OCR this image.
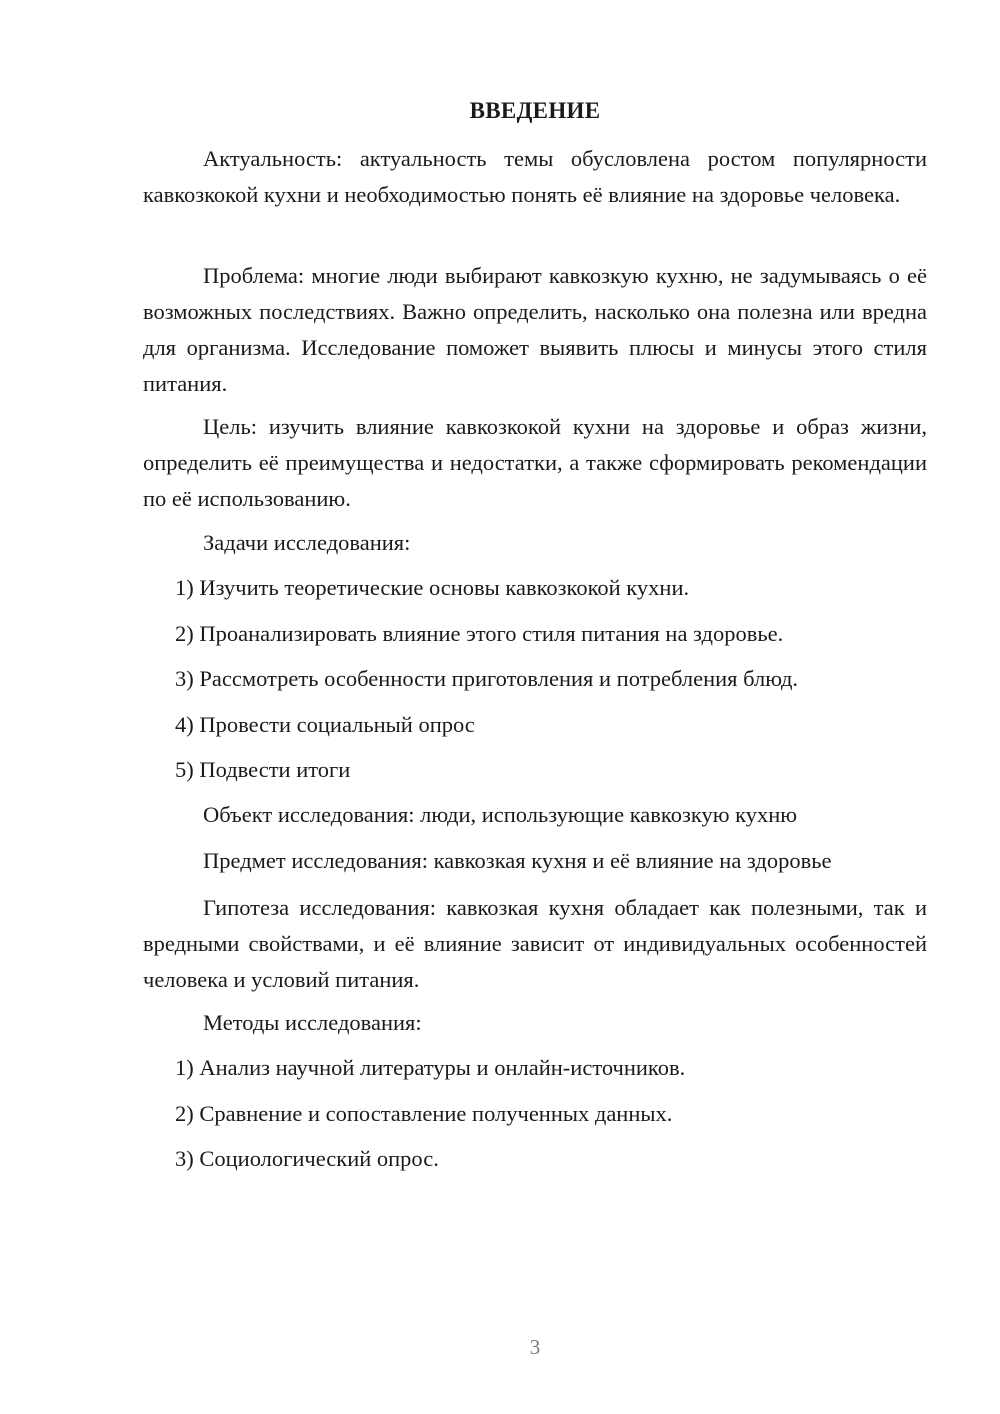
ВВЕДЕНИЕ

Актуальность: актуальность темы обусловлена ростом популярности кавкозкокой кухни и необходимостью понять её влияние на здоровье человека.

Проблема: многие люди выбирают кавкозкую кухню, не задумываясь о её возможных последствиях. Важно определить, насколько она полезна или вредна для организма. Исследование поможет выявить плюсы и минусы этого стиля питания.

Цель: изучить влияние кавкозкокой кухни на здоровье и образ жизни, определить её преимущества и недостатки, а также сформировать рекомендации по её использованию.

Задачи исследования:

1) Изучить теоретические основы кавкозкокой кухни.

2) Проанализировать влияние этого стиля питания на здоровье.

3) Рассмотреть особенности приготовления и потребления блюд.

4) Провести социальный опрос

5) Подвести итоги

Объект исследования: люди, использующие кавкозкую кухню

Предмет исследования: кавкозкая кухня и её влияние на здоровье

Гипотеза исследования: кавкозкая кухня обладает как полезными, так и вредными свойствами, и её влияние зависит от индивидуальных особенностей человека и условий питания.

Методы исследования:

1) Анализ научной литературы и онлайн-источников.

2) Сравнение и сопоставление полученных данных.

3) Социологический опрос.

3
